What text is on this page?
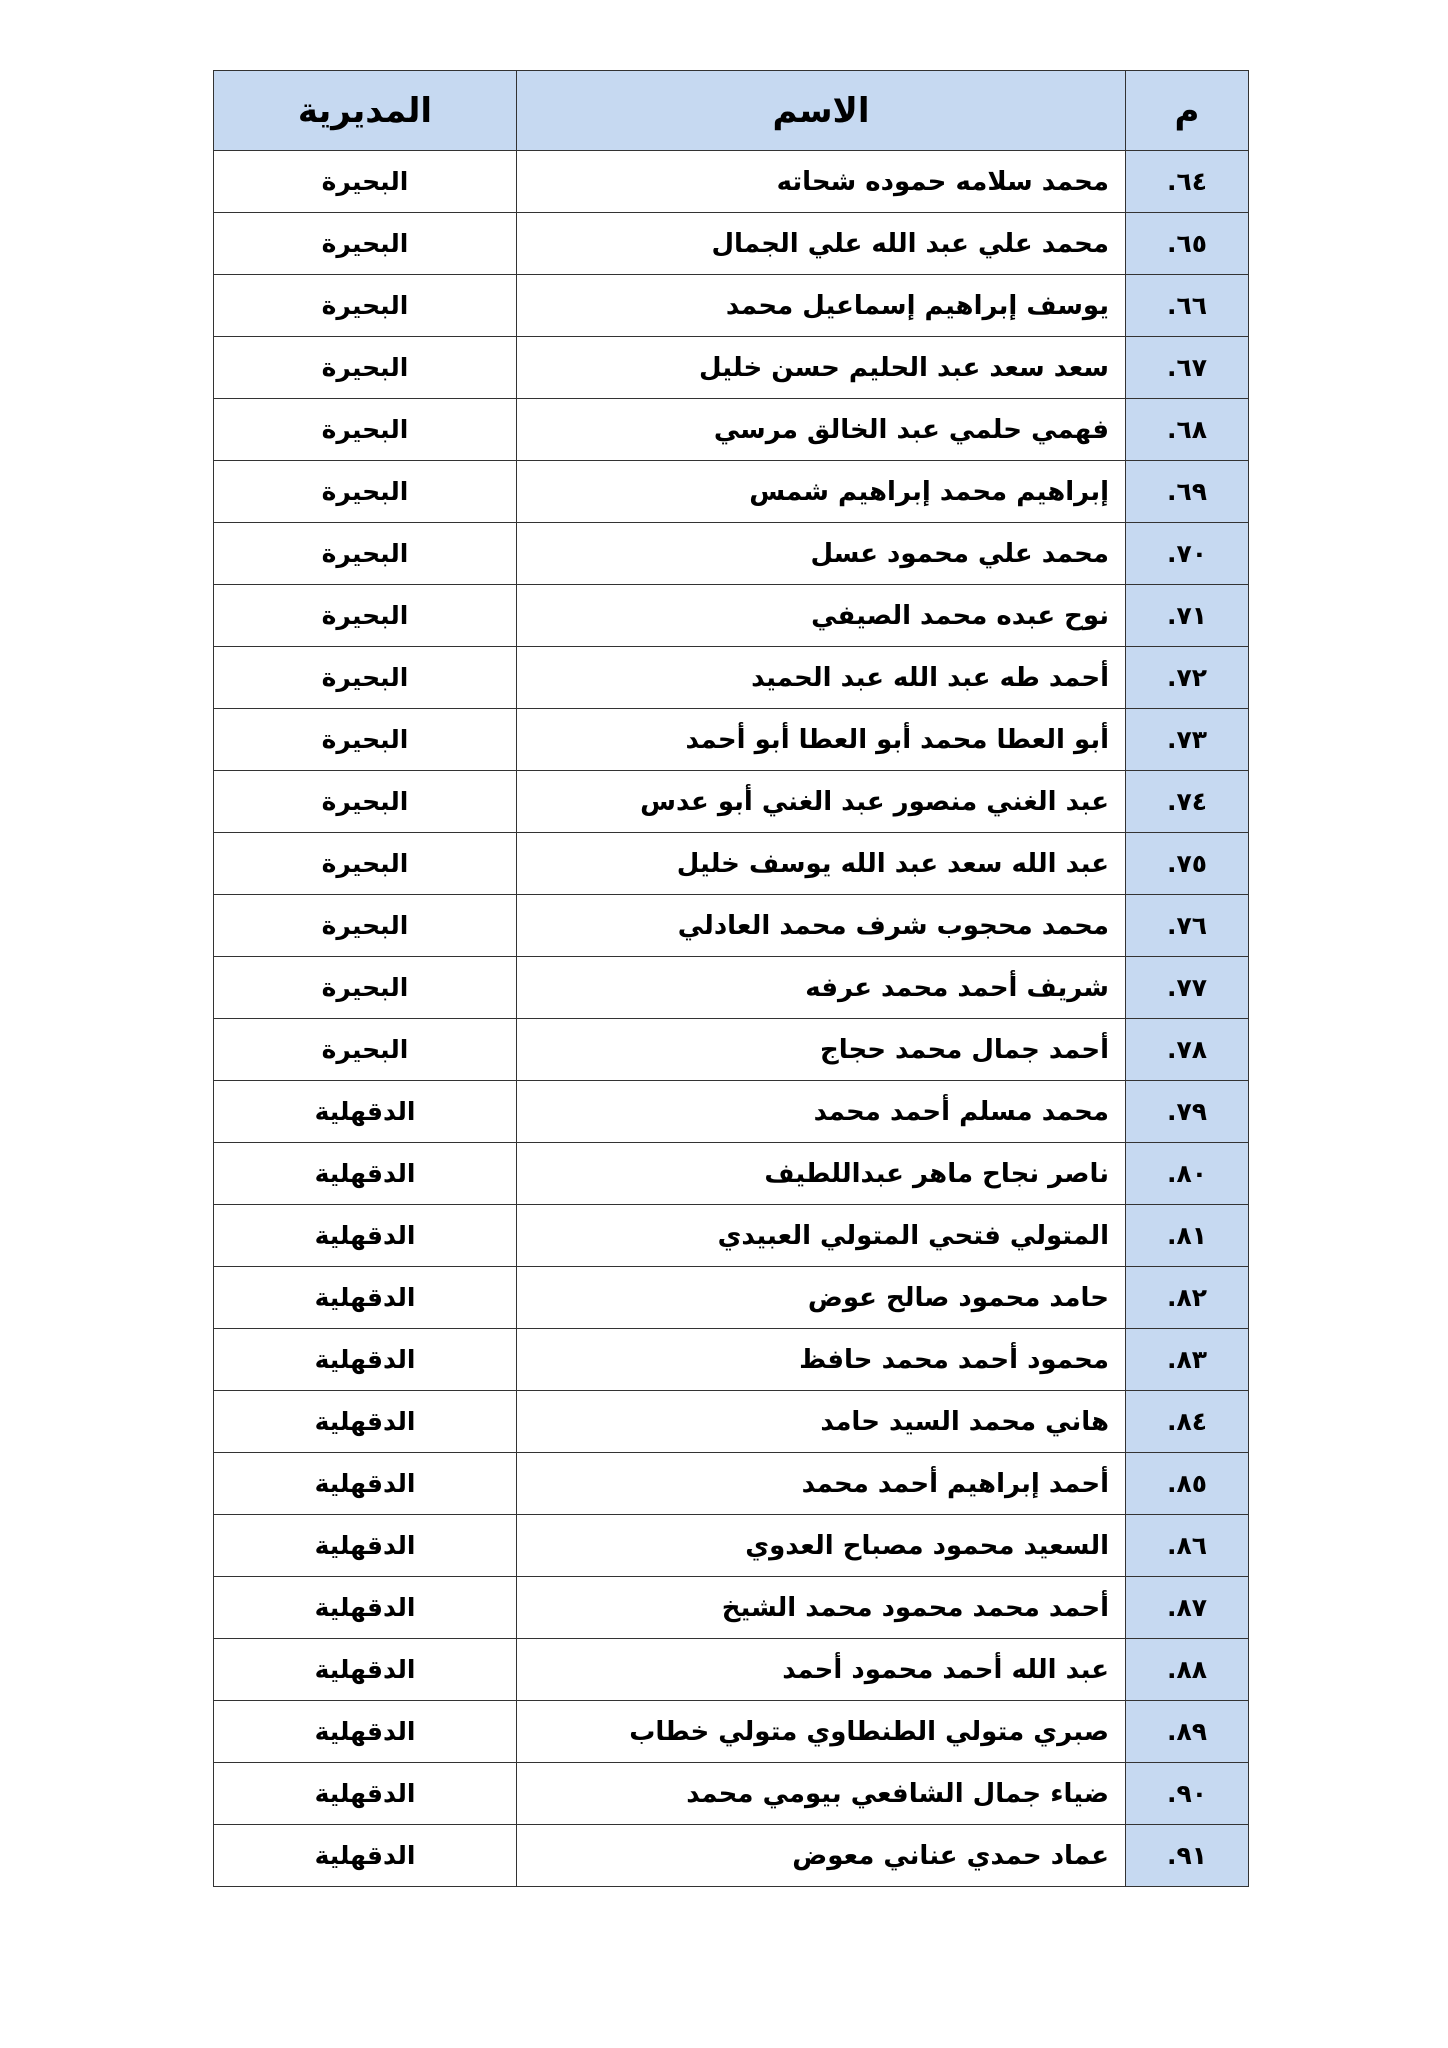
م	الاسم	المديرية
٦٤.	محمد سلامه حموده شحاته	البحيرة
٦٥.	محمد علي عبد الله علي الجمال	البحيرة
٦٦.	يوسف إبراهيم إسماعيل محمد	البحيرة
٦٧.	سعد سعد عبد الحليم حسن خليل	البحيرة
٦٨.	فهمي حلمي عبد الخالق مرسي	البحيرة
٦٩.	إبراهيم محمد إبراهيم شمس	البحيرة
٧٠.	محمد علي محمود عسل	البحيرة
٧١.	نوح عبده محمد الصيفي	البحيرة
٧٢.	أحمد طه عبد الله عبد الحميد	البحيرة
٧٣.	أبو العطا محمد أبو العطا أبو أحمد	البحيرة
٧٤.	عبد الغني منصور عبد الغني أبو عدس	البحيرة
٧٥.	عبد الله سعد عبد الله يوسف خليل	البحيرة
٧٦.	محمد محجوب شرف محمد العادلي	البحيرة
٧٧.	شريف أحمد محمد عرفه	البحيرة
٧٨.	أحمد جمال محمد حجاج	البحيرة
٧٩.	محمد مسلم أحمد محمد	الدقهلية
٨٠.	ناصر نجاح ماهر عبداللطيف	الدقهلية
٨١.	المتولي فتحي المتولي العبيدي	الدقهلية
٨٢.	حامد محمود صالح عوض	الدقهلية
٨٣.	محمود أحمد محمد حافظ	الدقهلية
٨٤.	هاني محمد السيد حامد	الدقهلية
٨٥.	أحمد إبراهيم أحمد محمد	الدقهلية
٨٦.	السعيد محمود مصباح العدوي	الدقهلية
٨٧.	أحمد محمد محمود محمد الشيخ	الدقهلية
٨٨.	عبد الله أحمد محمود أحمد	الدقهلية
٨٩.	صبري متولي الطنطاوي متولي خطاب	الدقهلية
٩٠.	ضياء جمال الشافعي بيومي محمد	الدقهلية
٩١.	عماد حمدي عناني معوض	الدقهلية
